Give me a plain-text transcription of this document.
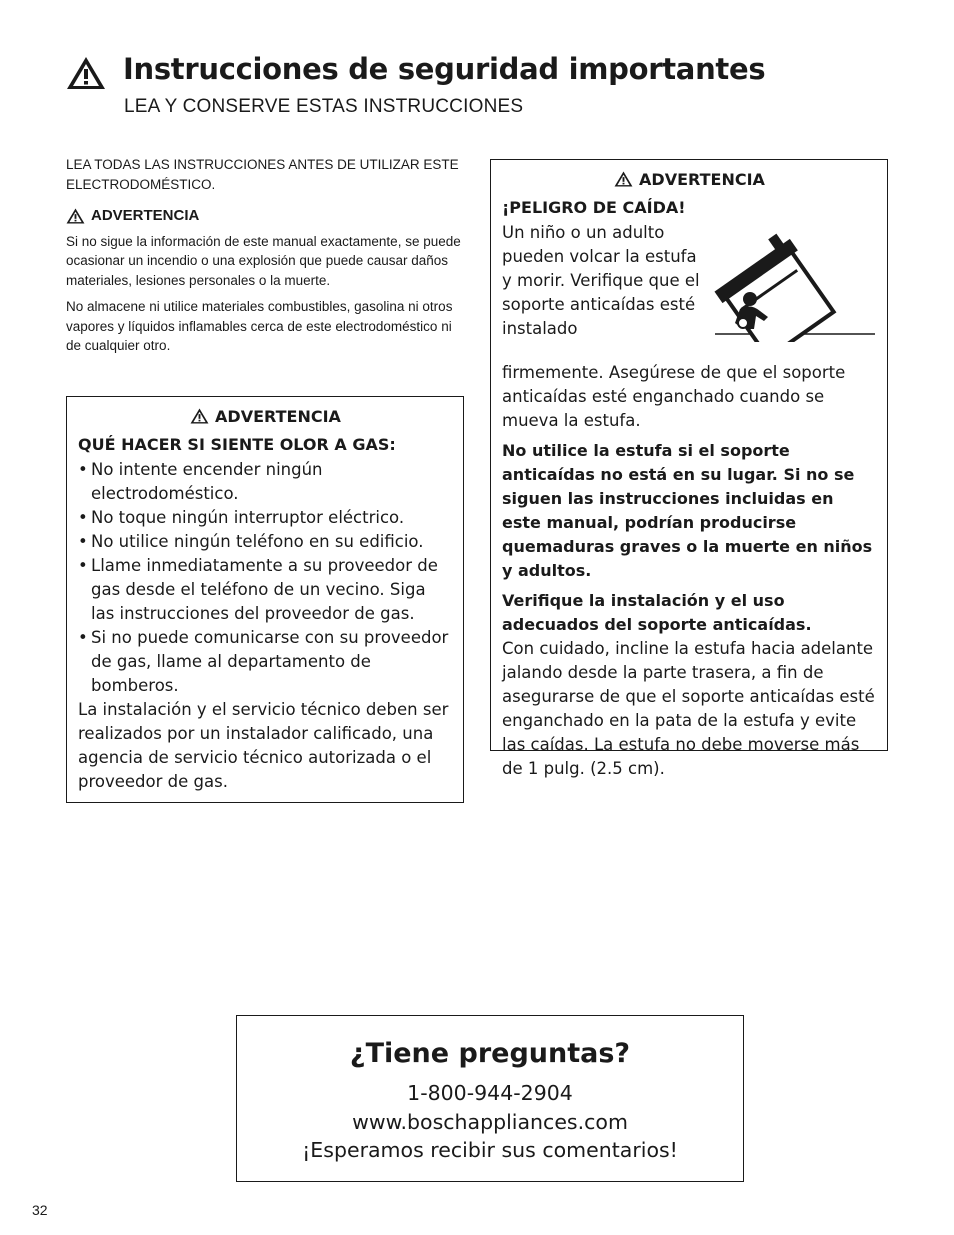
Instrucciones de seguridad importantes
LEA Y CONSERVE ESTAS INSTRUCCIONES

LEA TODAS LAS INSTRUCCIONES ANTES DE UTILIZAR ESTE ELECTRODOMÉSTICO.

ADVERTENCIA

Si no sigue la información de este manual exactamente, se puede ocasionar un incendio o una explosión que puede causar daños materiales, lesiones personales o la muerte.

No almacene ni utilice materiales combustibles, gasolina ni otros vapores y líquidos inflamables cerca de este electrodoméstico ni de cualquier otro.

ADVERTENCIA
QUÉ HACER SI SIENTE OLOR A GAS:
• No intente encender ningún electrodoméstico.
• No toque ningún interruptor eléctrico.
• No utilice ningún teléfono en su edificio.
• Llame inmediatamente a su proveedor de gas desde el teléfono de un vecino. Siga las instrucciones del proveedor de gas.
• Si no puede comunicarse con su proveedor de gas, llame al departamento de bomberos.

La instalación y el servicio técnico deben ser realizados por un instalador calificado, una agencia de servicio técnico autorizada o el proveedor de gas.

ADVERTENCIA
¡PELIGRO DE CAÍDA!

Un niño o un adulto pueden volcar la estufa y morir. Verifique que el soporte anticaídas esté instalado

firmemente. Asegúrese de que el soporte anticaídas esté enganchado cuando se mueva la estufa.

No utilice la estufa si el soporte anticaídas no está en su lugar. Si no se siguen las instrucciones incluidas en este manual, podrían producirse quemaduras graves o la muerte en niños y adultos.

Verifique la instalación y el uso adecuados del soporte anticaídas.

Con cuidado, incline la estufa hacia adelante jalando desde la parte trasera, a fin de asegurarse de que el soporte anticaídas esté enganchado en la pata de la estufa y evite las caídas. La estufa no debe moverse más de 1 pulg. (2.5 cm).

¿Tiene preguntas?
1-800-944-2904
www.boschappliances.com
¡Esperamos recibir sus comentarios!
32
